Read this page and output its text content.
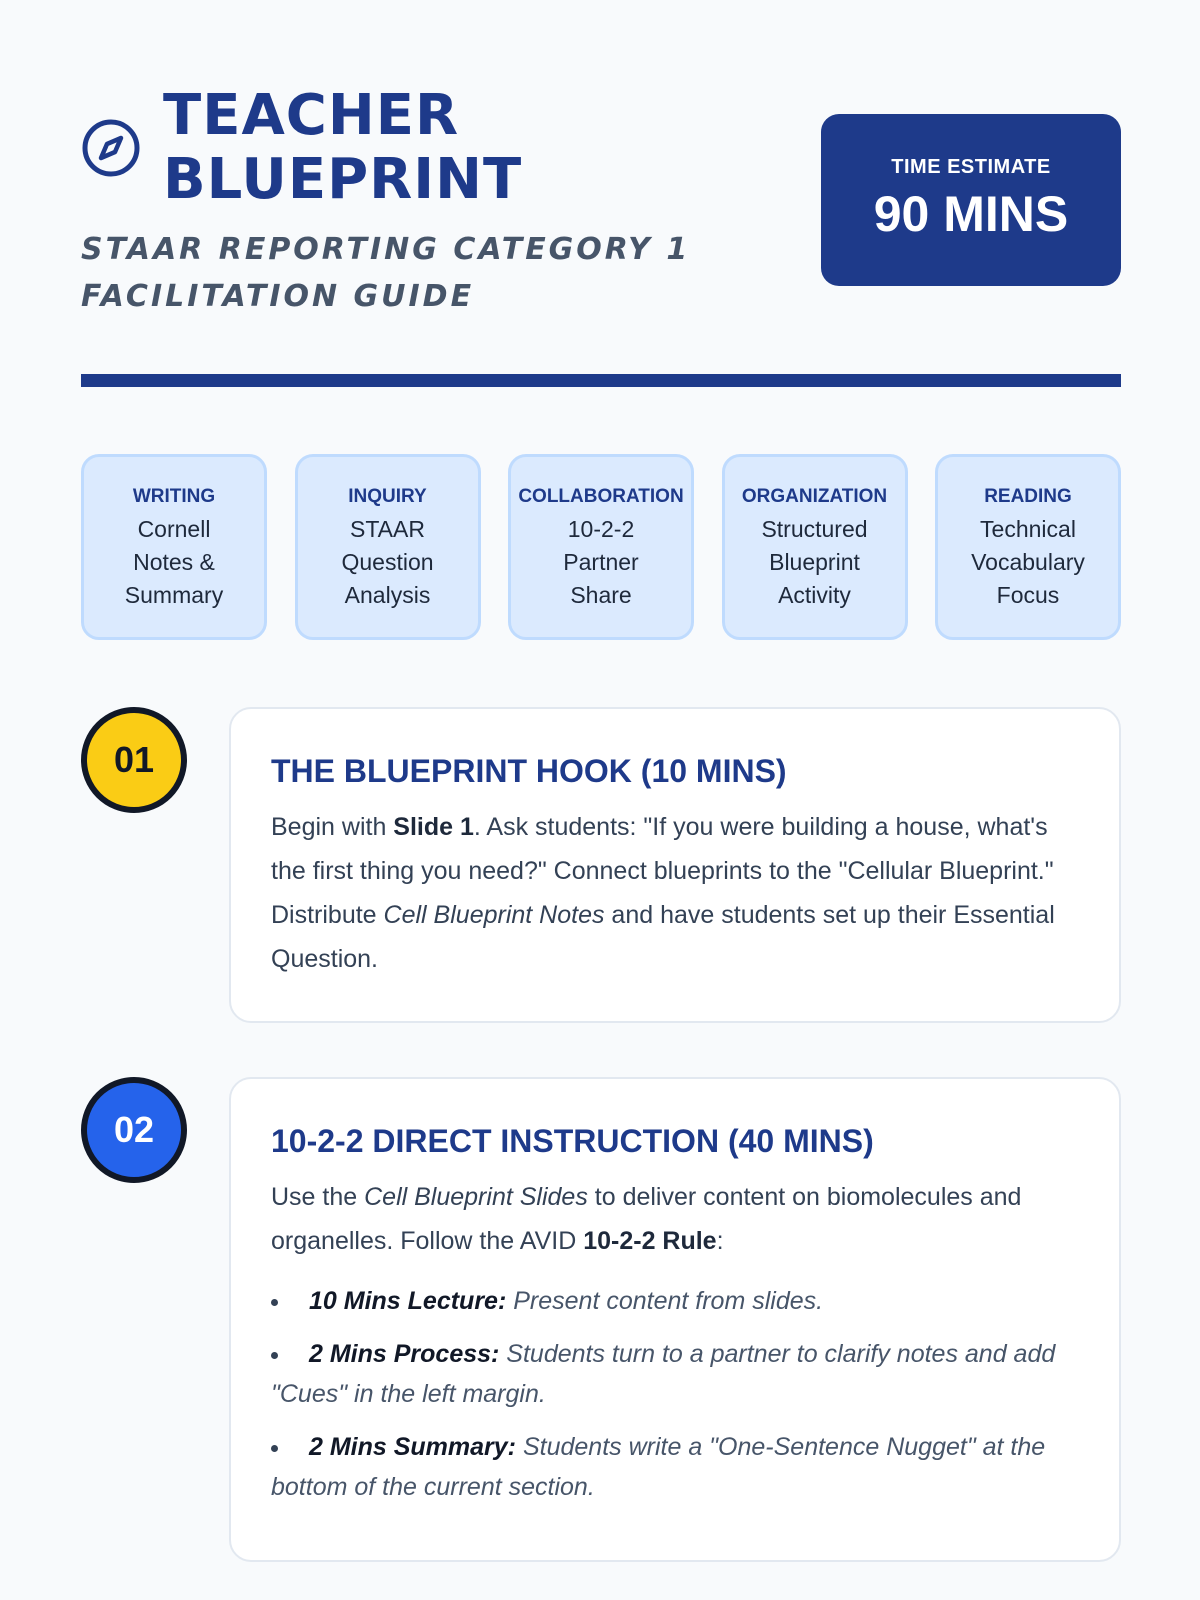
TEACHER BLUEPRINT
STAAR REPORTING CATEGORY 1 FACILITATION GUIDE
TIME ESTIMATE
90 MINS
WRITING
Cornell Notes & Summary
INQUIRY
STAAR Question Analysis
COLLABORATION
10-2-2 Partner Share
ORGANIZATION
Structured Blueprint Activity
READING
Technical Vocabulary Focus
01	THE BLUEPRINT HOOK (10 MINS)

Begin with Slide 1. Ask students: "If you were building a house, what's the first thing you need?" Connect blueprints to the "Cellular Blueprint." Distribute Cell Blueprint Notes and have students set up their Essential Question.

02	10-2-2 DIRECT INSTRUCTION (40 MINS)

Use the Cell Blueprint Slides to deliver content on biomolecules and organelles. Follow the AVID 10-2-2 Rule:

10 Mins Lecture: Present content from slides.
2 Mins Process: Students turn to a partner to clarify notes and add "Cues" in the left margin.
2 Mins Summary: Students write a "One-Sentence Nugget" at the bottom of the current section.
